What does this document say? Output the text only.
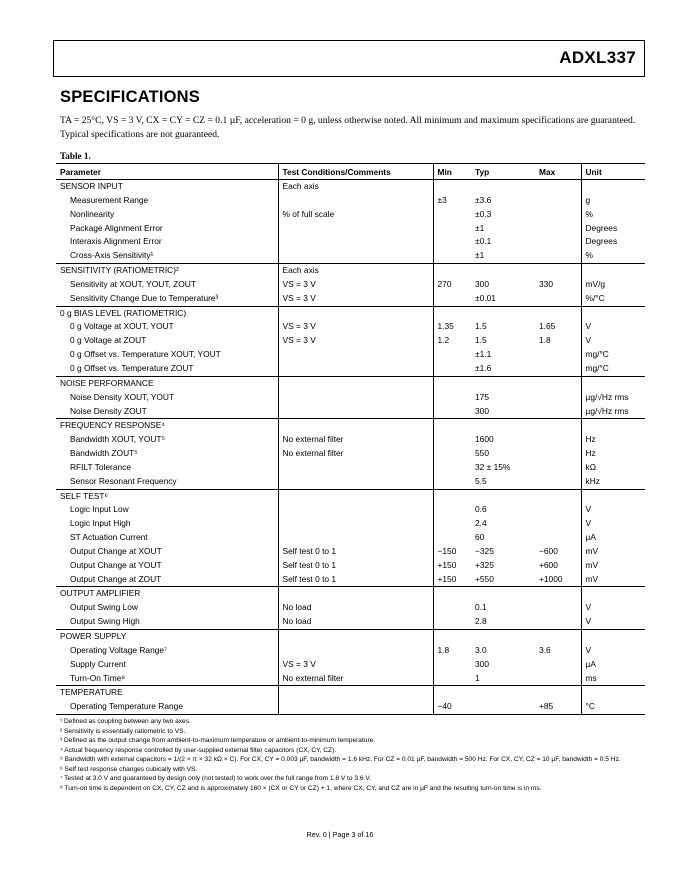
ADXL337
SPECIFICATIONS
TA = 25°C, VS = 3 V, CX = CY = CZ = 0.1 µF, acceleration = 0 g, unless otherwise noted. All minimum and maximum specifications are guaranteed. Typical specifications are not guaranteed.
Table 1.
Parameter	Test Conditions/Comments	Min	Typ	Max	Unit
SENSOR INPUT	Each axis				
Measurement Range		±3	±3.6		g
Nonlinearity	% of full scale		±0.3		%
Package Alignment Error			±1		Degrees
Interaxis Alignment Error			±0.1		Degrees
Cross-Axis Sensitivity¹			±1		%
SENSITIVITY (RATIOMETRIC)²	Each axis				
Sensitivity at XOUT, YOUT, ZOUT	VS = 3 V	270	300	330	mV/g
Sensitivity Change Due to Temperature³	VS = 3 V		±0.01		%/°C
0 g BIAS LEVEL (RATIOMETRIC)					
0 g Voltage at XOUT, YOUT	VS = 3 V	1.35	1.5	1.65	V
0 g Voltage at ZOUT	VS = 3 V	1.2	1.5	1.8	V
0 g Offset vs. Temperature XOUT, YOUT			±1.1		mg/°C
0 g Offset vs. Temperature ZOUT			±1.6		mg/°C
NOISE PERFORMANCE					
Noise Density XOUT, YOUT			175		µg/√Hz rms
Noise Density ZOUT			300		µg/√Hz rms
FREQUENCY RESPONSE⁴					
Bandwidth XOUT, YOUT⁵	No external filter		1600		Hz
Bandwidth ZOUT⁵	No external filter		550		Hz
RFILT Tolerance			32 ± 15%		kΩ
Sensor Resonant Frequency			5.5		kHz
SELF TEST⁶					
Logic Input Low			0.6		V
Logic Input High			2.4		V
ST Actuation Current			60		µA
Output Change at XOUT	Self test 0 to 1	−150	−325	−600	mV
Output Change at YOUT	Self test 0 to 1	+150	+325	+600	mV
Output Change at ZOUT	Self test 0 to 1	+150	+550	+1000	mV
OUTPUT AMPLIFIER					
Output Swing Low	No load		0.1		V
Output Swing High	No load		2.8		V
POWER SUPPLY					
Operating Voltage Range⁷		1.8	3.0	3.6	V
Supply Current	VS = 3 V		300		µA
Turn-On Time⁸	No external filter		1		ms
TEMPERATURE					
Operating Temperature Range		−40		+85	°C

¹ Defined as coupling between any two axes.

² Sensitivity is essentially ratiometric to VS.

³ Defined as the output change from ambient-to-maximum temperature or ambient-to-minimum temperature.

⁴ Actual frequency response controlled by user-supplied external filter capacitors (CX, CY, CZ).

⁵ Bandwidth with external capacitors = 1/(2 × π × 32 kΩ × C). For CX, CY = 0.003 µF, bandwidth = 1.6 kHz. For CZ = 0.01 µF, bandwidth = 500 Hz. For CX, CY, CZ = 10 µF, bandwidth = 0.5 Hz.

⁶ Self test response changes cubically with VS.

⁷ Tested at 3.0 V and guaranteed by design only (not tested) to work over the full range from 1.8 V to 3.6 V.

⁸ Turn-on time is dependent on CX, CY, CZ and is approximately 160 × (CX or CY or CZ) + 1, where CX, CY, and CZ are in µF and the resulting turn-on time is in ms.

Rev. 0 | Page 3 of 16
